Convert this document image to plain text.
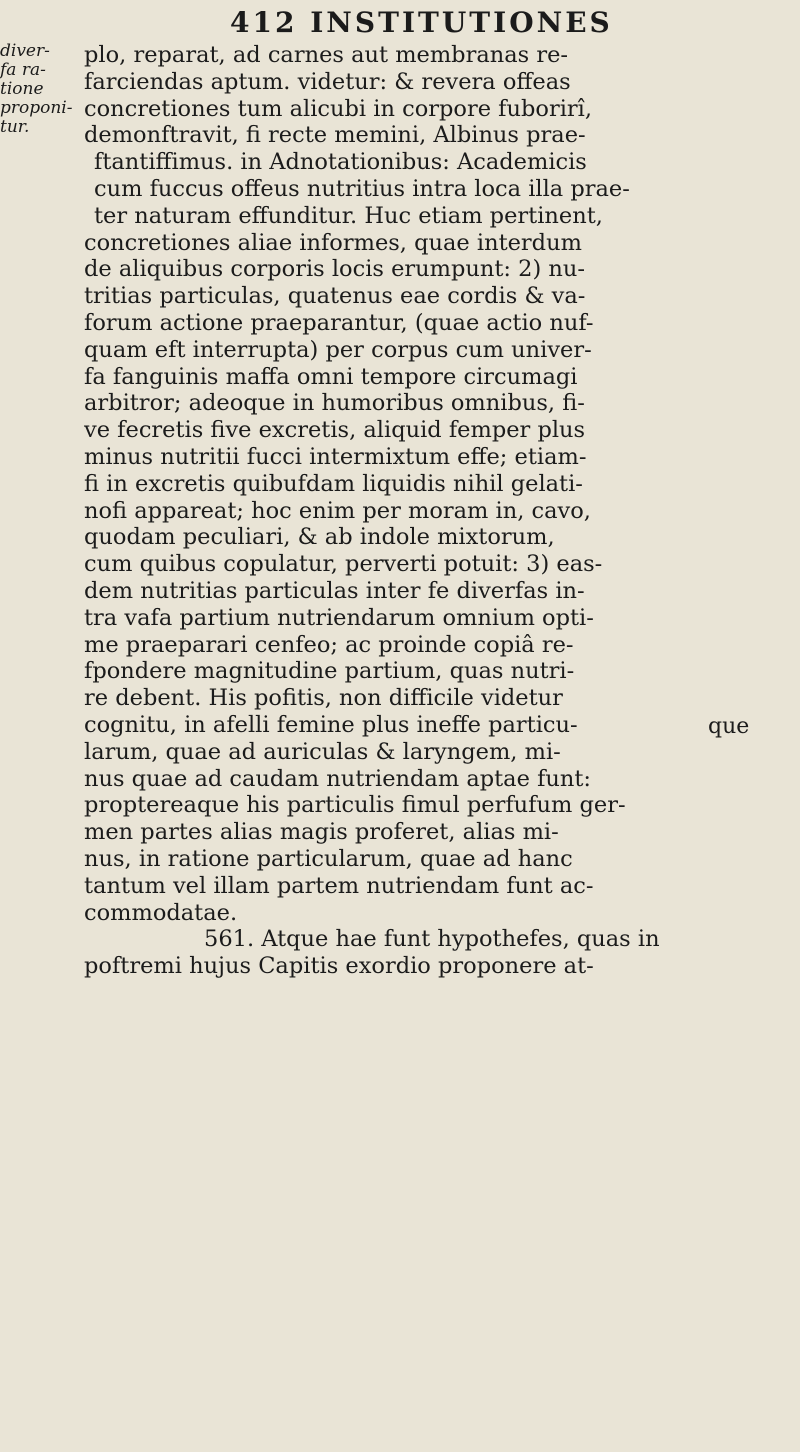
412 INSTITUTIONES
diver-
fa ra-
tione
proponi-
tur.
plo, reparat, ad carnes aut membranas re-
farciendas aptum. videtur: & revera offeas
concretiones tum alicubi in corpore fuborirî,
demonftravit, fi recte memini, Albinus prae-
ftantiffimus. in Adnotationibus: Academicis
cum fuccus offeus nutritius intra loca illa prae-
ter naturam effunditur. Huc etiam pertinent,
concretiones aliae informes, quae interdum
de aliquibus corporis locis erumpunt: 2) nu-
tritias particulas, quatenus eae cordis & va-
forum actione praeparantur, (quae actio nuf-
quam eft interrupta) per corpus cum univer-
fa fanguinis maffa omni tempore circumagi
arbitror; adeoque in humoribus omnibus, fi-
ve fecretis five excretis, aliquid femper plus
minus nutritii fucci intermixtum effe; etiam-
fi in excretis quibufdam liquidis nihil gelati-
nofi appareat; hoc enim per moram in, cavo,
quodam peculiari, & ab indole mixtorum,
cum quibus copulatur, perverti potuit: 3) eas-
dem nutritias particulas inter fe diverfas in-
tra vafa partium nutriendarum omnium opti-
me praeparari cenfeo; ac proinde copiâ re-
fpondere magnitudine partium, quas nutri-
re debent. His pofitis, non difficile videtur
cognitu, in afelli femine plus ineffe particu-
larum, quae ad auriculas & laryngem, mi-
nus quae ad caudam nutriendam aptae funt:
proptereaque his particulis fimul perfufum ger-
men partes alias magis proferet, alias mi-
nus, in ratione particularum, quae ad hanc
tantum vel illam partem nutriendam funt ac-
commodatae.
561. Atque hae funt hypothefes, quas in
poftremi hujus Capitis exordio proponere at-
que
